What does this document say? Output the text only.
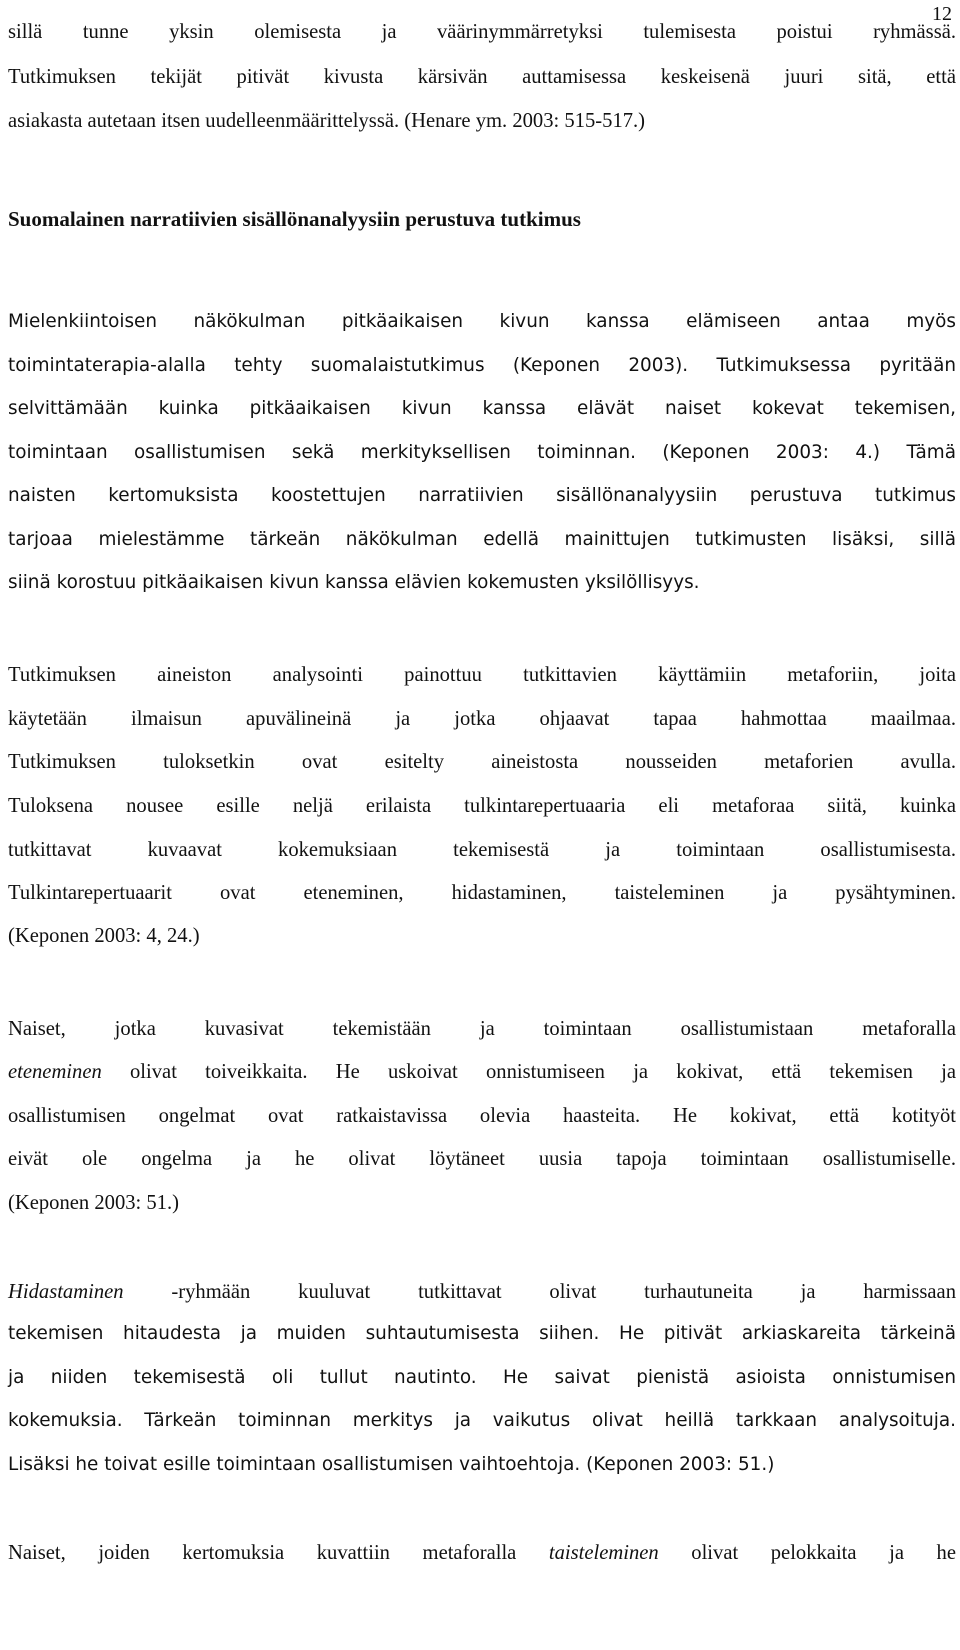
12
sillä tunne yksin olemisesta ja väärinymmärretyksi tulemisesta poistui ryhmässä.
Tutkimuksen tekijät pitivät kivusta kärsivän auttamisessa keskeisenä juuri sitä, että
asiakasta autetaan itsen uudelleenmäärittelyssä. (Henare ym. 2003: 515-517.)
Suomalainen narratiivien sisällönanalyysiin perustuva tutkimus
Mielenkiintoisen näkökulman pitkäaikaisen kivun kanssa elämiseen antaa myös
toimintaterapia-alalla tehty suomalaistutkimus (Keponen 2003). Tutkimuksessa pyritään
selvittämään kuinka pitkäaikaisen kivun kanssa elävät naiset kokevat tekemisen,
toimintaan osallistumisen sekä merkityksellisen toiminnan. (Keponen 2003: 4.) Tämä
naisten kertomuksista koostettujen narratiivien sisällönanalyysiin perustuva tutkimus
tarjoaa mielestämme tärkeän näkökulman edellä mainittujen tutkimusten lisäksi, sillä
siinä korostuu pitkäaikaisen kivun kanssa elävien kokemusten yksilöllisyys.
Tutkimuksen aineiston analysointi painottuu tutkittavien käyttämiin metaforiin, joita
käytetään ilmaisun apuvälineinä ja jotka ohjaavat tapaa hahmottaa maailmaa.
Tutkimuksen tuloksetkin ovat esitelty aineistosta nousseiden metaforien avulla.
Tuloksena nousee esille neljä erilaista tulkintarepertuaaria eli metaforaa siitä, kuinka
tutkittavat kuvaavat kokemuksiaan tekemisestä ja toimintaan osallistumisesta.
Tulkintarepertuaarit ovat eteneminen, hidastaminen, taisteleminen ja pysähtyminen.
(Keponen 2003: 4, 24.)
Naiset, jotka kuvasivat tekemistään ja toimintaan osallistumistaan metaforalla
eteneminen olivat toiveikkaita. He uskoivat onnistumiseen ja kokivat, että tekemisen ja
osallistumisen ongelmat ovat ratkaistavissa olevia haasteita. He kokivat, että kotityöt
eivät ole ongelma ja he olivat löytäneet uusia tapoja toimintaan osallistumiselle.
(Keponen 2003: 51.)
Hidastaminen -ryhmään kuuluvat tutkittavat olivat turhautuneita ja harmissaan
tekemisen hitaudesta ja muiden suhtautumisesta siihen. He pitivät arkiaskareita tärkeinä
ja niiden tekemisestä oli tullut nautinto. He saivat pienistä asioista onnistumisen
kokemuksia. Tärkeän toiminnan merkitys ja vaikutus olivat heillä tarkkaan analysoituja.
Lisäksi he toivat esille toimintaan osallistumisen vaihtoehtoja. (Keponen 2003: 51.)
Naiset, joiden kertomuksia kuvattiin metaforalla taisteleminen olivat pelokkaita ja he
